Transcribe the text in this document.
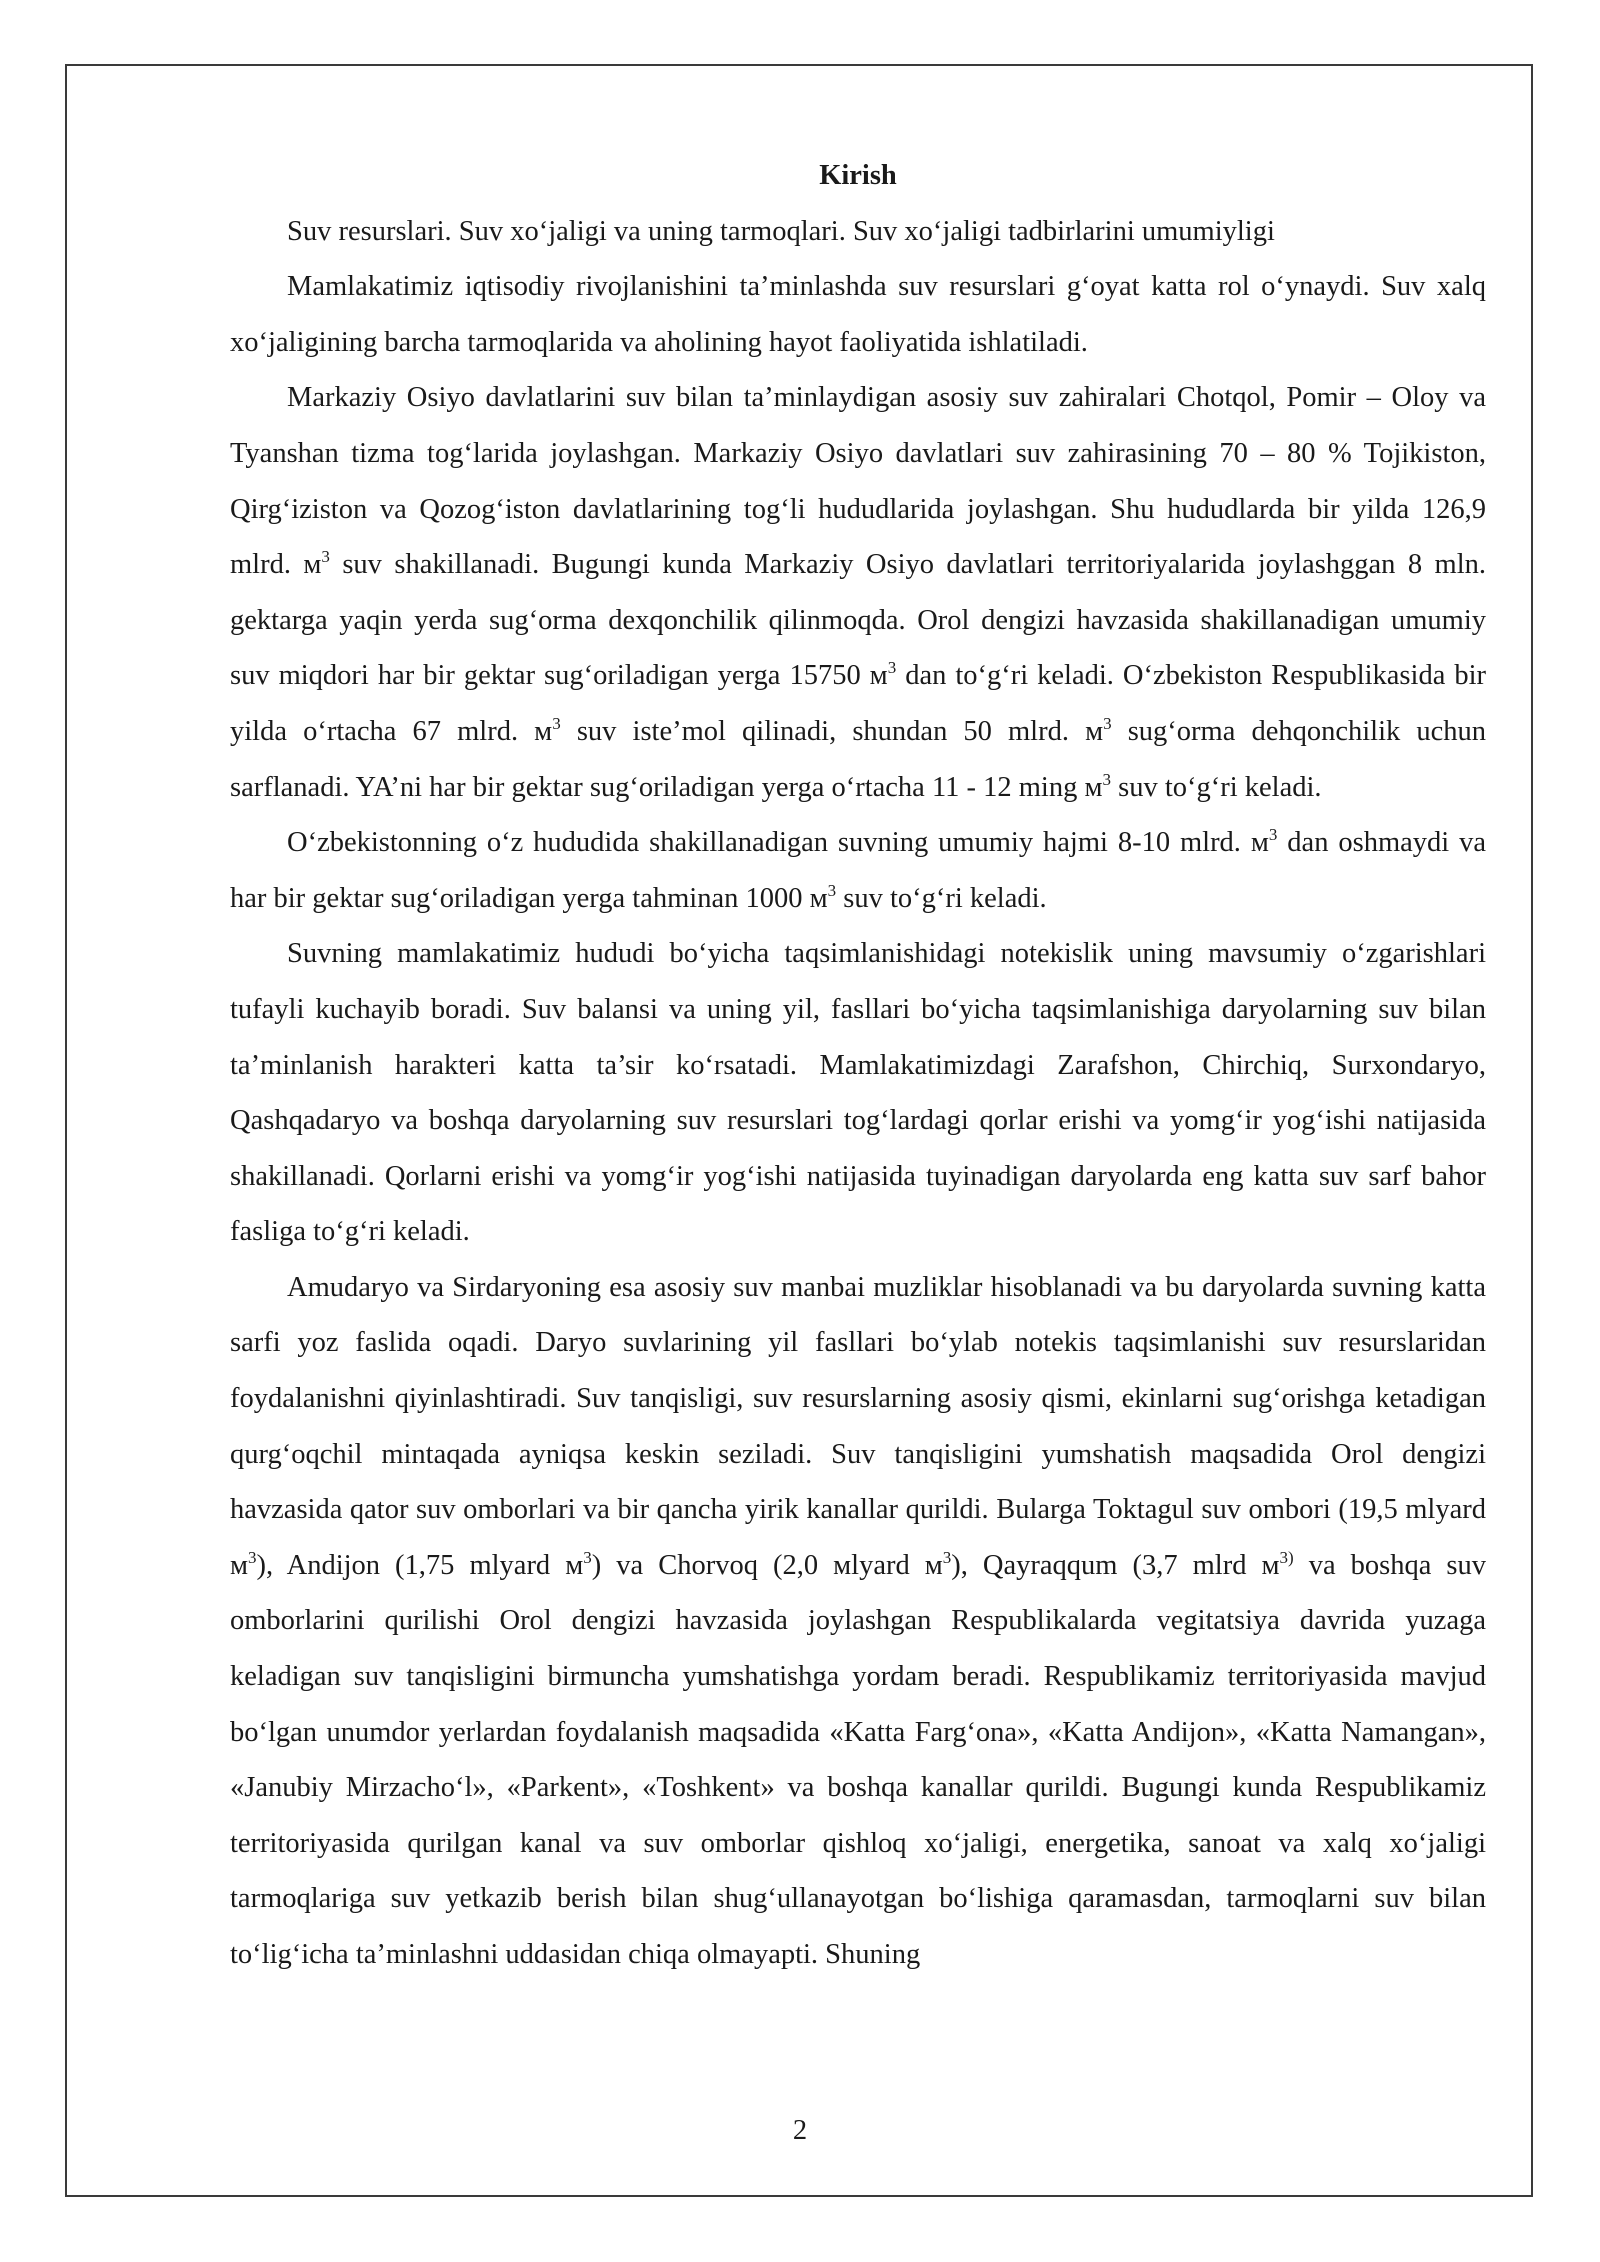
Kirish

Suv resurslari. Suv xo‘jaligi va uning tarmoqlari. Suv xo‘jaligi tadbirlarini umumiyligi

Mamlakatimiz iqtisodiy rivojlanishini ta’minlashda suv resurslari g‘oyat katta rol o‘ynaydi. Suv xalq xo‘jaligining barcha tarmoqlarida va aholining hayot faoliyatida ishlatiladi.

Markaziy Osiyo davlatlarini suv bilan ta’minlaydigan asosiy suv zahiralari Chotqol, Pomir – Oloy va Tyanshan tizma tog‘larida joylashgan. Markaziy Osiyo davlatlari suv zahirasining 70 – 80 % Tojikiston, Qirg‘iziston va Qozog‘iston davlatlarining tog‘li hududlarida joylashgan. Shu hududlarda bir yilda 126,9 mlrd. $м^3$ suv shakillanadi. Bugungi kunda Markaziy Osiyo davlatlari territoriyalarida joylashggan 8 mln. gektarga yaqin yerda sug‘orma dexqonchilik qilinmoqda. Orol dengizi havzasida shakillanadigan umumiy suv miqdori har bir gektar sug‘oriladigan yerga 15750 $м^3$ dan to‘g‘ri keladi. O‘zbekiston Respublikasida bir yilda o‘rtacha 67 mlrd. $м^3$ suv iste’mol qilinadi, shundan 50 mlrd. $м^3$ sug‘orma dehqonchilik uchun sarflanadi. YA’ni har bir gektar sug‘oriladigan yerga o‘rtacha 11 - 12 ming $м^3$ suv to‘g‘ri keladi.

O‘zbekistonning o‘z hududida shakillanadigan suvning umumiy hajmi 8-10 mlrd. $м^3$ dan oshmaydi va har bir gektar sug‘oriladigan yerga tahminan 1000 $м^3$ suv to‘g‘ri keladi.

Suvning mamlakatimiz hududi bo‘yicha taqsimlanishidagi notekislik uning mavsumiy o‘zgarishlari tufayli kuchayib boradi. Suv balansi va uning yil, fasllari bo‘yicha taqsimlanishiga daryolarning suv bilan ta’minlanish harakteri katta ta’sir ko‘rsatadi. Mamlakatimizdagi Zarafshon, Chirchiq, Surxondaryo, Qashqadaryo va boshqa daryolarning suv resurslari tog‘lardagi qorlar erishi va yomg‘ir yog‘ishi natijasida shakillanadi. Qorlarni erishi va yomg‘ir yog‘ishi natijasida tuyinadigan daryolarda eng katta suv sarf bahor fasliga to‘g‘ri keladi.

Amudaryo va Sirdaryoning esa asosiy suv manbai muzliklar hisoblanadi va bu daryolarda suvning katta sarfi yoz faslida oqadi. Daryo suvlarining yil fasllari bo‘ylab notekis taqsimlanishi suv resurslaridan foydalanishni qiyinlashtiradi. Suv tanqisligi, suv resurslarning asosiy qismi, ekinlarni sug‘orishga ketadigan qurg‘oqchil mintaqada ayniqsa keskin seziladi. Suv tanqisligini yumshatish maqsadida Orol dengizi havzasida qator suv omborlari va bir qancha yirik kanallar qurildi. Bularga Toktagul suv ombori (19,5 mlyard $м^3$), Andijon (1,75 mlyard $м^3$) va Chorvoq (2,0 мlyard $м^3$), Qayraqqum (3,7 mlrd $м^{3)}$ va boshqa suv omborlarini qurilishi Orol dengizi havzasida joylashgan Respublikalarda vegitatsiya davrida yuzaga keladigan suv tanqisligini birmuncha yumshatishga yordam beradi. Respublikamiz territoriyasida mavjud bo‘lgan unumdor yerlardan foydalanish maqsadida «Katta Farg‘ona», «Katta Andijon», «Katta Namangan», «Janubiy Mirzacho‘l», «Parkent», «Toshkent» va boshqa kanallar qurildi. Bugungi kunda Respublikamiz territoriyasida qurilgan kanal va suv omborlar qishloq xo‘jaligi, energetika, sanoat va xalq xo‘jaligi tarmoqlariga suv yetkazib berish bilan shug‘ullanayotgan bo‘lishiga qaramasdan, tarmoqlarni suv bilan to‘lig‘icha ta’minlashni uddasidan chiqa olmayapti. Shuning

2
